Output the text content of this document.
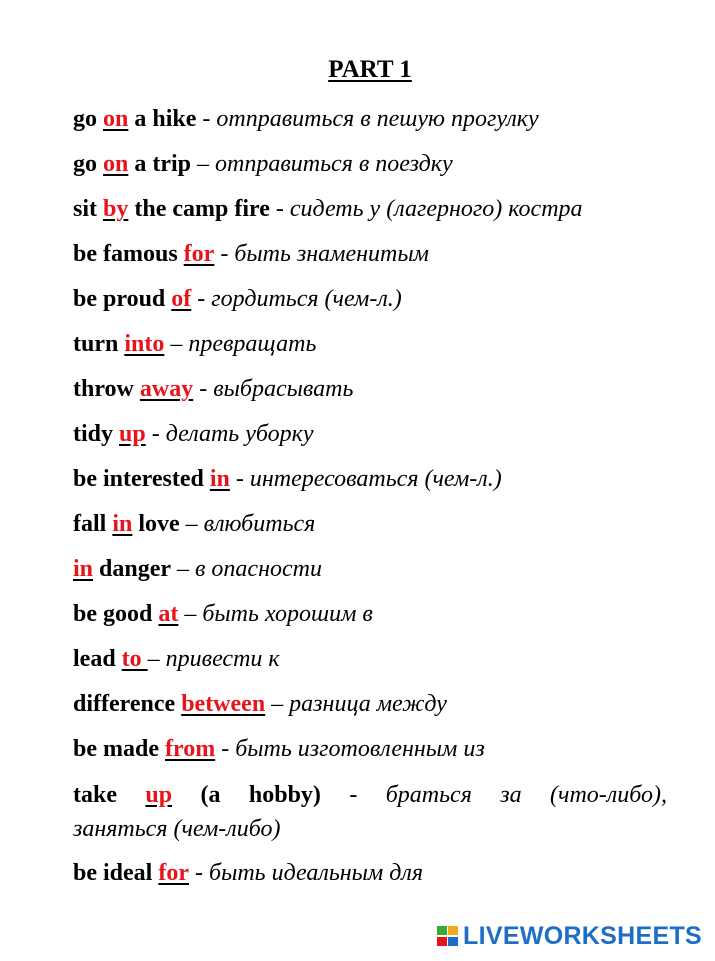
PART 1
go on a hike - отправиться в пешую прогулку
go on a trip – отправиться в поездку
sit by the camp fire - сидеть у (лагерного) костра
be famous for - быть знаменитым
be proud of - гордиться (чем-л.)
turn into – превращать
throw away - выбрасывать
tidy up - делать уборку
be interested in - интересоваться (чем-л.)
fall in love – влюбиться
in danger – в опасности
be good at – быть хорошим в
lead to – привести к
difference between – разница между
be made from - быть изготовленным из
take up (a hobby) - браться за (что-либо),
заняться (чем-либо)
be ideal for - быть идеальным для
LIVEWORKSHEETS
